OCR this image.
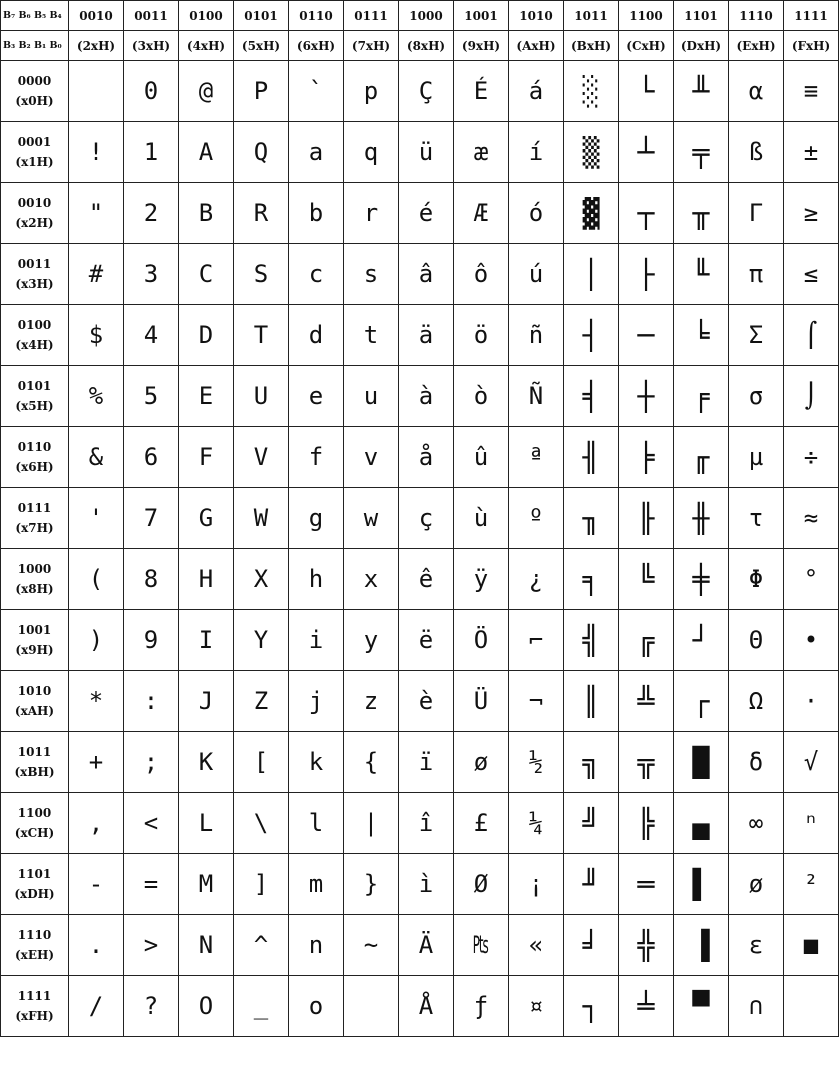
B₇ B₆ B₅ B₄	0010	0011	0100	0101	0110	0111	1000	1001	1010	1011	1100	1101	1110	1111
B₃ B₂ B₁ B₀	(2xH)	(3xH)	(4xH)	(5xH)	(6xH)	(7xH)	(8xH)	(9xH)	(AxH)	(BxH)	(CxH)	(DxH)	(ExH)	(FxH)

0000
(x0H)		0	@	P	`	p	Ç	É	á	░	└	╨	α	≡

0001
(x1H)	!	1	A	Q	a	q	ü	æ	í	▒	┴	╤	ß	±

0010
(x2H)	"	2	B	R	b	r	é	Æ	ó	▓	┬	╥	Γ	≥

0011
(x3H)	#	3	C	S	c	s	â	ô	ú	│	├	╙	π	≤

0100
(x4H)	$	4	D	T	d	t	ä	ö	ñ	┤	─	╘	Σ	⌠

0101
(x5H)	%	5	E	U	e	u	à	ò	Ñ	╡	┼	╒	σ	⌡

0110
(x6H)	&	6	F	V	f	v	å	û	ª	╢	╞	╓	µ	÷

0111
(x7H)	'	7	G	W	g	w	ç	ù	º	╖	╟	╫	τ	≈

1000
(x8H)	(	8	H	X	h	x	ê	ÿ	¿	╕	╚	╪	Φ	°

1001
(x9H)	)	9	I	Y	i	y	ë	Ö	⌐	╣	╔	┘	Θ	•

1010
(xAH)	*	:	J	Z	j	z	è	Ü	¬	║	╩	┌	Ω	·

1011
(xBH)	+	;	K	[	k	{	ï	ø	½	╗	╦	█	δ	√

1100
(xCH)	,	<	L	\	l	|	î	£	¼	╝	╠	▄	∞	ⁿ

1101
(xDH)	-	=	M	]	m	}	ì	Ø	¡	╜	═	▌	ø	²

1110
(xEH)	.	>	N	^	n	~	Ä	₧	«	╛	╬	▐	ε	■

1111
(xFH)	/	?	O	_	o		Å	ƒ	¤	┐	╧	▀	∩	
